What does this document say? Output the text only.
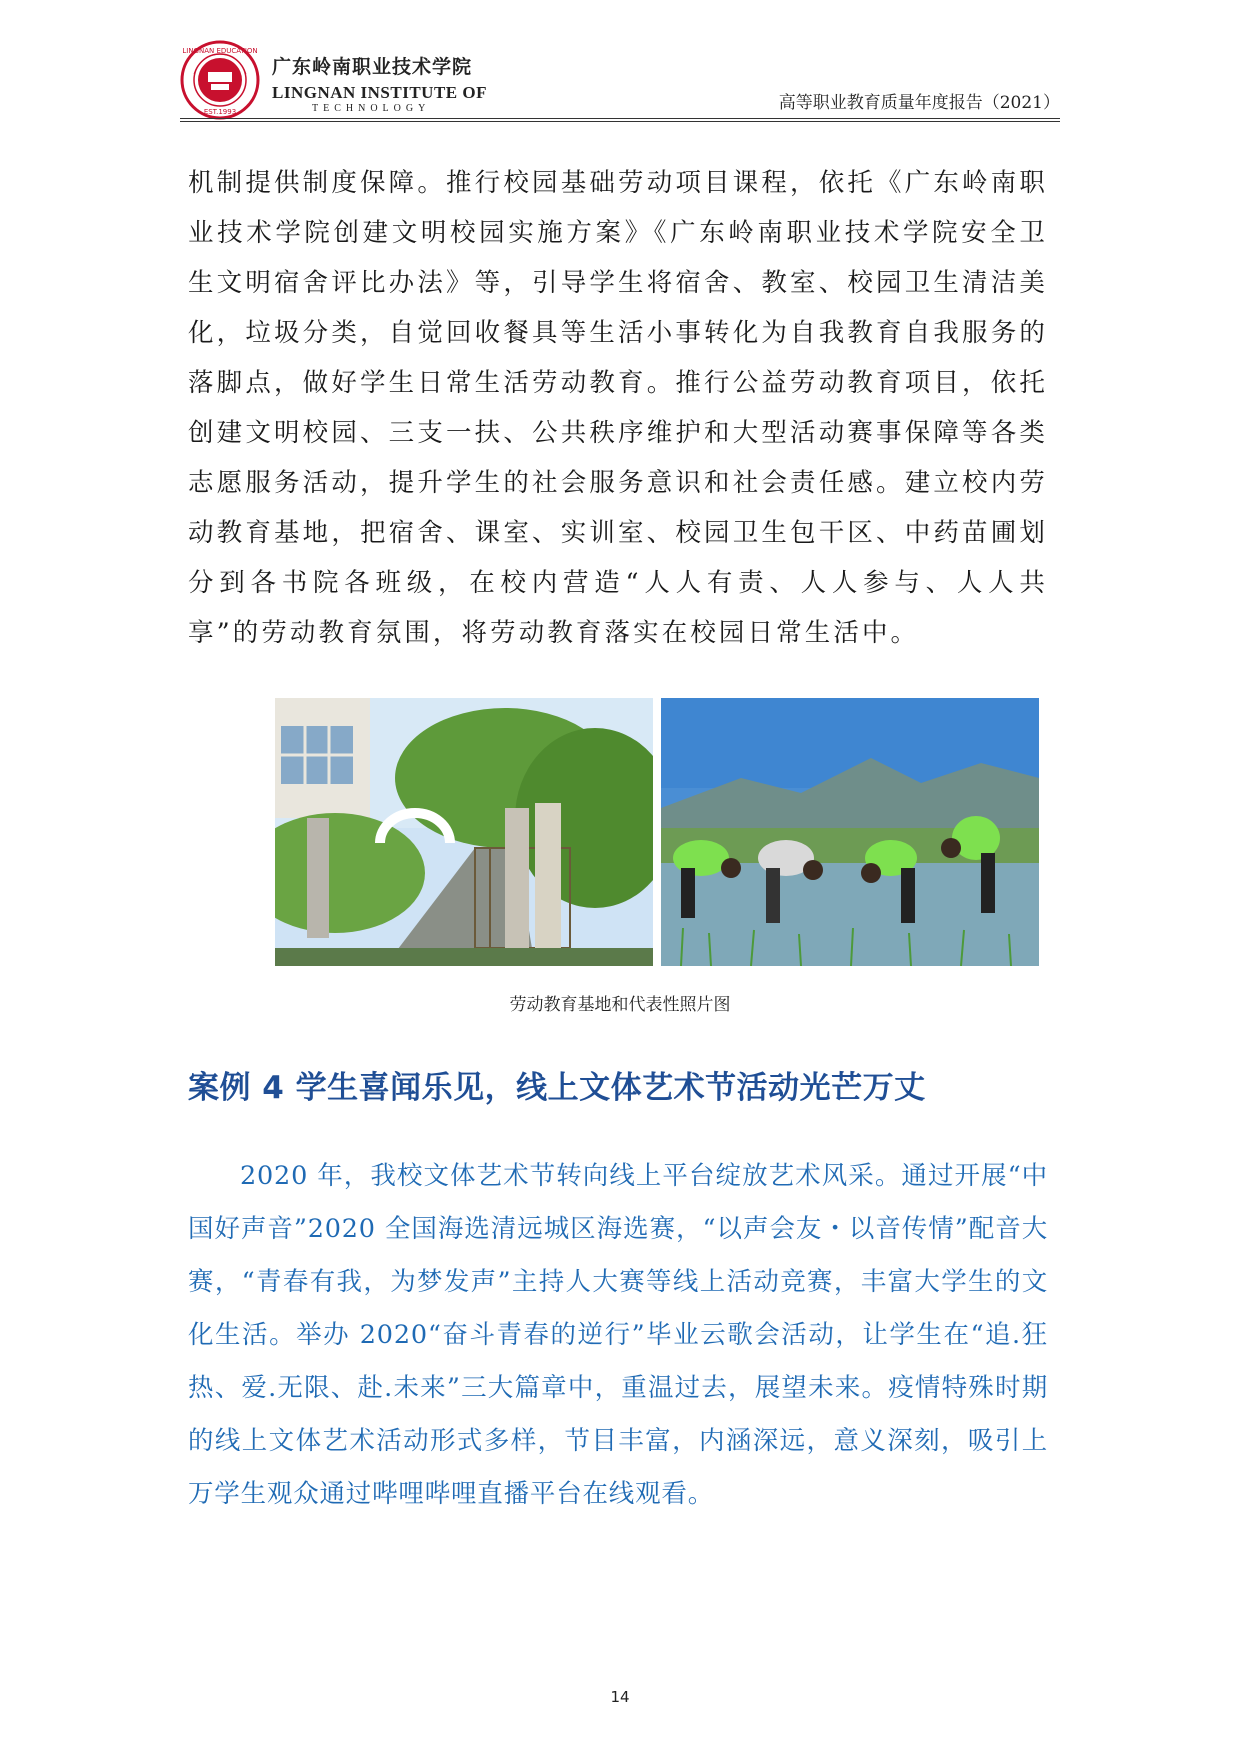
LINGNAN EDUCATION
EST.1993
广东岭南职业技术学院
LINGNAN INSTITUTE OF
TECHNOLOGY	高等职业教育质量年度报告（2021）
机制提供制度保障。推行校园基础劳动项目课程，依托《广东岭南职业技术学院创建文明校园实施方案》《广东岭南职业技术学院安全卫生文明宿舍评比办法》等，引导学生将宿舍、教室、校园卫生清洁美化，垃圾分类，自觉回收餐具等生活小事转化为自我教育自我服务的落脚点，做好学生日常生活劳动教育。推行公益劳动教育项目，依托创建文明校园、三支一扶、公共秩序维护和大型活动赛事保障等各类志愿服务活动，提升学生的社会服务意识和社会责任感。建立校内劳动教育基地，把宿舍、课室、实训室、校园卫生包干区、中药苗圃划分到各书院各班级，在校内营造“人人有责、人人参与、人人共享”的劳动教育氛围，将劳动教育落实在校园日常生活中。
劳动教育基地和代表性照片图
案例 4 学生喜闻乐见，线上文体艺术节活动光芒万丈
2020 年，我校文体艺术节转向线上平台绽放艺术风采。通过开展“中国好声音”2020 全国海选清远城区海选赛，“以声会友・以音传情”配音大赛，“青春有我，为梦发声”主持人大赛等线上活动竞赛，丰富大学生的文化生活。举办 2020“奋斗青春的逆行”毕业云歌会活动，让学生在“追.狂热、爱.无限、赴.未来”三大篇章中，重温过去，展望未来。疫情特殊时期的线上文体艺术活动形式多样，节目丰富，内涵深远，意义深刻，吸引上万学生观众通过哔哩哔哩直播平台在线观看。
14
